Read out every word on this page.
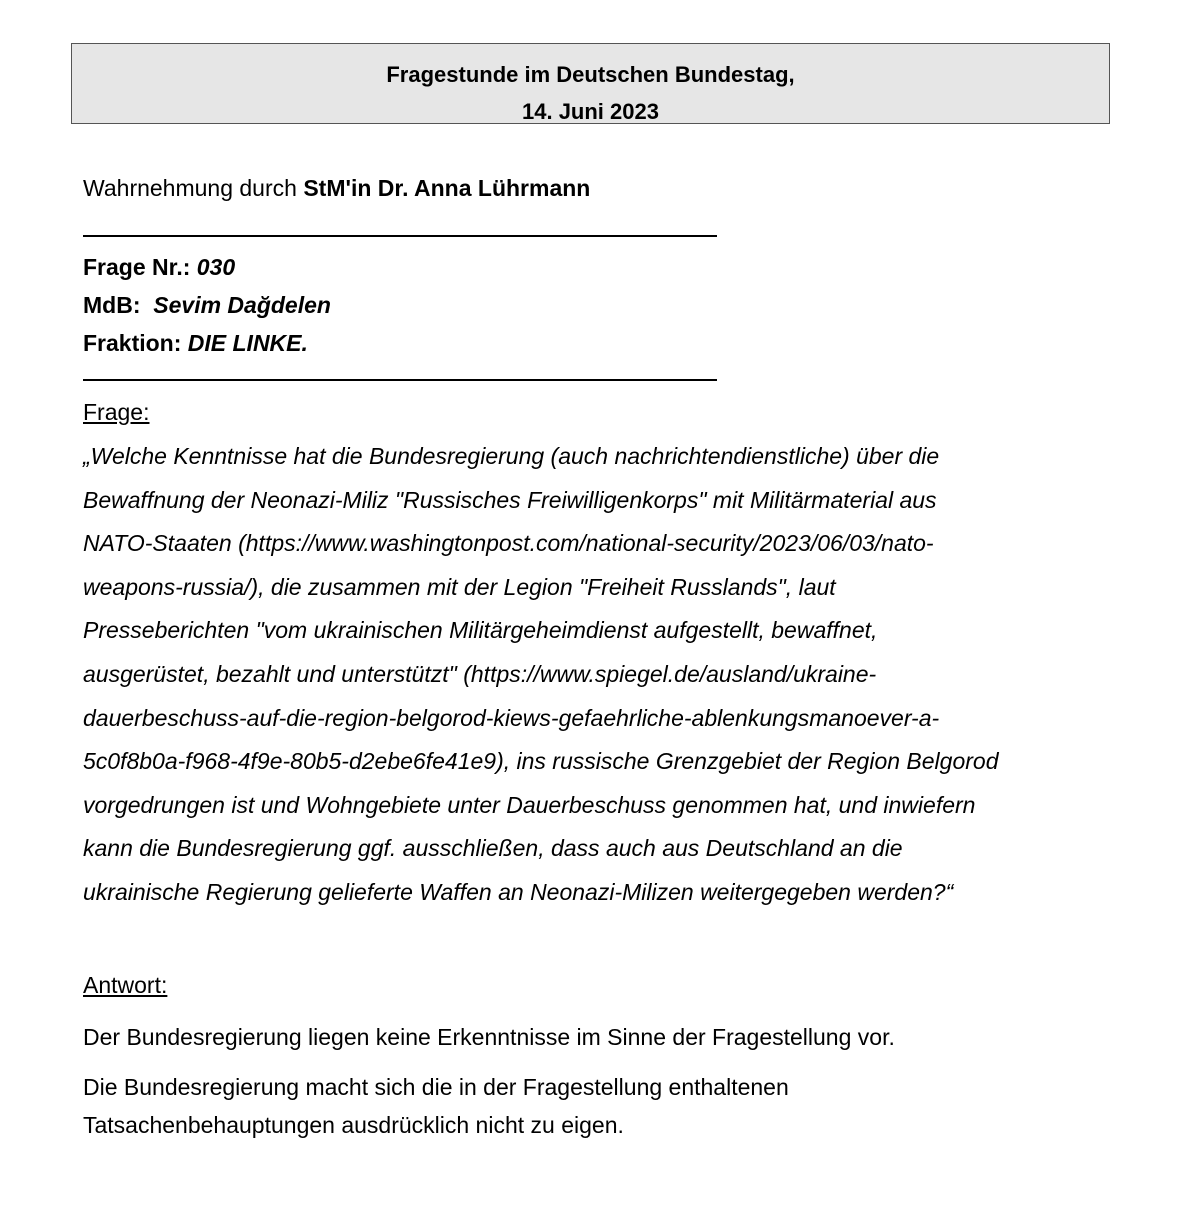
Fragestunde im Deutschen Bundestag,
14. Juni 2023
Wahrnehmung durch StM'in Dr. Anna Lührmann
Frage Nr.: 030
MdB:  Sevim Dağdelen
Fraktion: DIE LINKE.
Frage:
„Welche Kenntnisse hat die Bundesregierung (auch nachrichtendienstliche) über die
Bewaffnung der Neonazi-Miliz "Russisches Freiwilligenkorps" mit Militärmaterial aus
NATO-Staaten (https://www.washingtonpost.com/national-security/2023/06/03/nato-
weapons-russia/), die zusammen mit der Legion "Freiheit Russlands", laut
Presseberichten "vom ukrainischen Militärgeheimdienst aufgestellt, bewaffnet,
ausgerüstet, bezahlt und unterstützt" (https://www.spiegel.de/ausland/ukraine-
dauerbeschuss-auf-die-region-belgorod-kiews-gefaehrliche-ablenkungsmanoever-a-
5c0f8b0a-f968-4f9e-80b5-d2ebe6fe41e9), ins russische Grenzgebiet der Region Belgorod
vorgedrungen ist und Wohngebiete unter Dauerbeschuss genommen hat, und inwiefern
kann die Bundesregierung ggf. ausschließen, dass auch aus Deutschland an die
ukrainische Regierung gelieferte Waffen an Neonazi-Milizen weitergegeben werden?“
Antwort:
Der Bundesregierung liegen keine Erkenntnisse im Sinne der Fragestellung vor.
Die Bundesregierung macht sich die in der Fragestellung enthaltenen
Tatsachenbehauptungen ausdrücklich nicht zu eigen.
